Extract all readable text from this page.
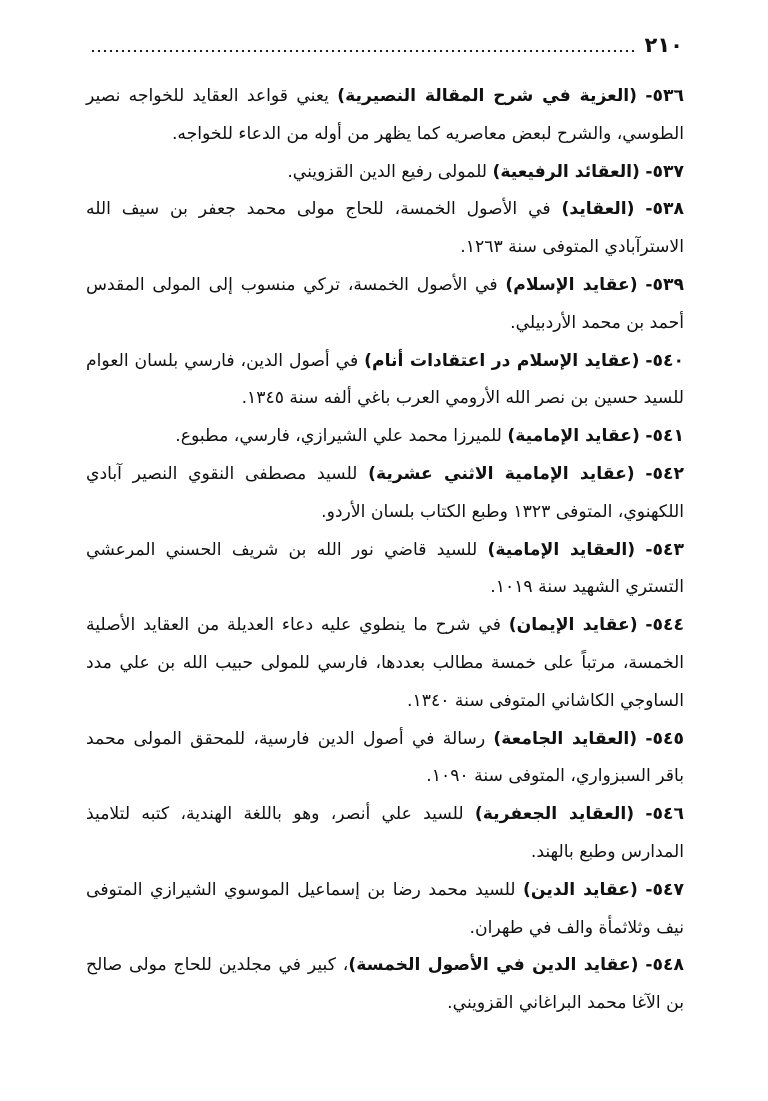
٢١٠

٥٣٦- (العزية في شرح المقالة النصيرية) يعني قواعد العقايد للخواجه نصير الطوسي، والشرح لبعض معاصريه كما يظهر من أوله من الدعاء للخواجه.

٥٣٧- (العقائد الرفيعية) للمولى رفيع الدين القزويني.

٥٣٨- (العقايد) في الأصول الخمسة، للحاج مولى محمد جعفر بن سيف الله الاسترآبادي المتوفى سنة ١٢٦٣.

٥٣٩- (عقايد الإسلام) في الأصول الخمسة، تركي منسوب إلى المولى المقدس أحمد بن محمد الأردبيلي.

٥٤٠- (عقايد الإسلام در اعتقادات أنام) في أصول الدين، فارسي بلسان العوام للسيد حسين بن نصر الله الأرومي العرب باغي ألفه سنة ١٣٤٥.

٥٤١- (عقايد الإمامية) للميرزا محمد علي الشيرازي، فارسي، مطبوع.

٥٤٢- (عقايد الإمامية الاثني عشرية) للسيد مصطفى النقوي النصير آبادي اللكهنوي، المتوفى ١٣٢٣ وطبع الكتاب بلسان الأردو.

٥٤٣- (العقايد الإمامية) للسيد قاضي نور الله بن شريف الحسني المرعشي التستري الشهيد سنة ١٠١٩.

٥٤٤- (عقايد الإيمان) في شرح ما ينطوي عليه دعاء العديلة من العقايد الأصلية الخمسة، مرتباً على خمسة مطالب بعددها، فارسي للمولى حبيب الله بن علي مدد الساوجي الكاشاني المتوفى سنة ١٣٤٠.

٥٤٥- (العقايد الجامعة) رسالة في أصول الدين فارسية، للمحقق المولى محمد باقر السبزواري، المتوفى سنة ١٠٩٠.

٥٤٦- (العقايد الجعفرية) للسيد علي أنصر، وهو باللغة الهندية، كتبه لتلاميذ المدارس وطبع بالهند.

٥٤٧- (عقايد الدين) للسيد محمد رضا بن إسماعيل الموسوي الشيرازي المتوفى نيف وثلاثمأة والف في طهران.

٥٤٨- (عقايد الدين في الأصول الخمسة)، كبير في مجلدين للحاج مولى صالح بن الآغا محمد البراغاني القزويني.
